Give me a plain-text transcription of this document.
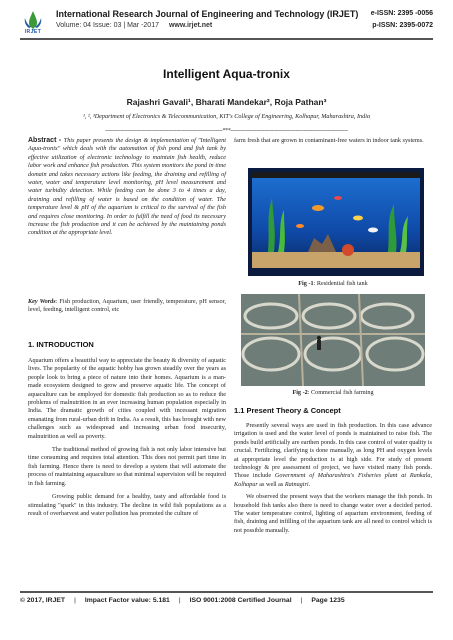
IRJET
International Research Journal of Engineering and Technology (IRJET)
Volume: 04 Issue: 03 | Mar -2017 www.irjet.net
e-ISSN: 2395 -0056
p-ISSN: 2395-0072
Intelligent Aqua-tronix
Rajashri Gavali¹, Bharati Mandekar², Roja Pathan³
¹, ², ³Department of Electronics & Telecommunication, KIT's College of Engineering, Kolhapur, Maharashtra, India
---------------------------------------------------------------------***---------------------------------------------------------------------
Abstract - This paper presents the design & implementation of "Intelligent Aqua-tronix" which deals with the automation of fish pond and fish tank by effective utilization of electronic technology to maintain fish health, reduce labor work and enhance fish production. This system monitors the pond in time domain and takes necessary actions like feeding, the draining and refilling of water, water and temperature level monitoring, pH level measurement and water turbidity detection. While feeding can be done 3 to 4 times a day, draining and refilling of water is based on the condition of water. The temperature level & pH of the aquarium is critical to the survival of the fish and requires close monitoring. In order to fulfill the need of food its necessary increase the fish production and it can be achieved by the maintaining ponds condition at the appropriate level.
Key Words: Fish production, Aquarium, user friendly, temperature, pH sensor, level, feeding, intelligent control, etc
1. INTRODUCTION

Aquarium offers a beautiful way to appreciate the beauty & diversity of aquatic lives. The popularity of the aquatic hobby has grown steadily over the years as people look to bring a piece of nature into their homes. Aquarium is a man-made ecosystem designed to grow and preserve aquatic life. The concept of aquaculture can be employed for domestic fish production so as to reduce the problems of malnutrition in an ever increasing human population especially in India. The dramatic growth of cities coupled with incessant migration emanating from rural-urban drift in India. As a result, this has brought with new challenges such as widespread and increasing urban food insecurity, malnutrition as well as poverty.

The traditional method of growing fish is not only labor intensive but time consuming and requires total attention. This does not permit part time in fish farming. Hence there is need to develop a system that will automate the process of maintaining aquaculture so that minimal supervision will be required in fish farming.

Growing public demand for a healthy, tasty and affordable food is stimulating "spark" in this industry. The decline in wild fish populations as a result of overharvest and water pollution has promoted the culture of

farm fresh that are grown in contaminant-free waters in indoor tank systems.
Fig -1: Residential fish tank
Fig -2: Commercial fish farming
1.1 Present Theory & Concept

Presently several ways are used in fish production. In this case advance irrigation is used and the water level of ponds is maintained to raise fish. The ponds build artificially are earthen ponds. In this case control of water quality is crucial. Fertilizing, clarifying is done manually, as long PH and oxygen levels at appropriate level the production is at high side. For study of present technology & pre assessment of project, we have visited many fish ponds. Those include Government of Maharashtra's Fisheries plant at Rankala, Kolhapur as well as Ratnagiri.

We observed the present ways that the workers manage the fish ponds. In household fish tanks also there is need to change water over a decided period. The water temperature control, lighting of aquarium environment, feeding of fish, draining and infilling of the aquarium tank are all need to control which is not possible manually.

© 2017, IRJET | Impact Factor value: 5.181 | ISO 9001:2008 Certified Journal | Page 1235
